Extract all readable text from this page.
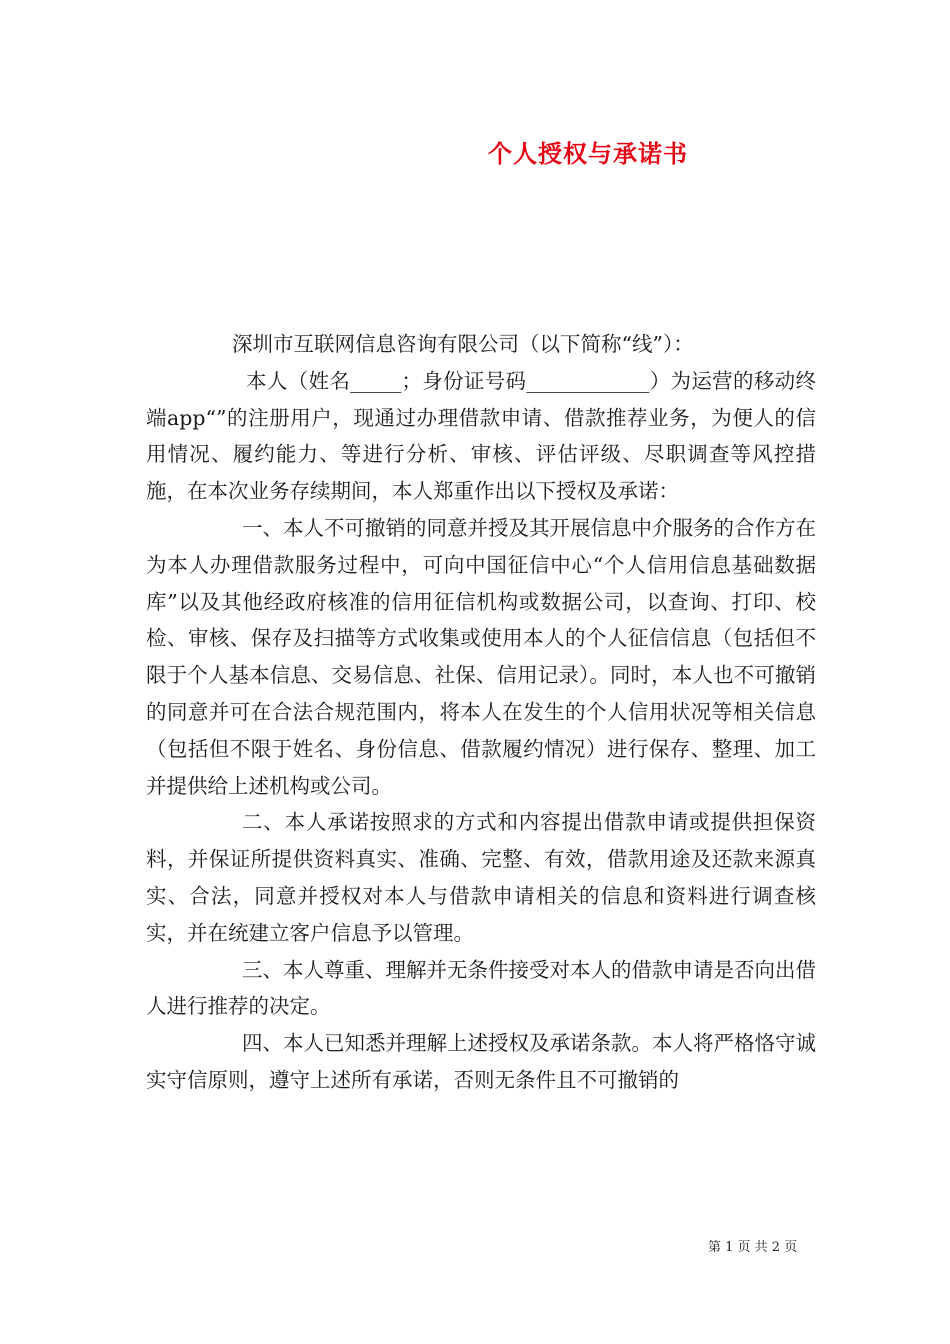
个人授权与承诺书

深圳市互联网信息咨询有限公司（以下简称“线”）：

本人（姓名_____；身份证号码____________）为运营的移动终端app“”的注册用户，现通过办理借款申请、借款推荐业务，为便人的信用情况、履约能力、等进行分析、审核、评估评级、尽职调查等风控措施，在本次业务存续期间，本人郑重作出以下授权及承诺：

一、本人不可撤销的同意并授及其开展信息中介服务的合作方在为本人办理借款服务过程中，可向中国征信中心“个人信用信息基础数据库”以及其他经政府核准的信用征信机构或数据公司，以查询、打印、校检、审核、保存及扫描等方式收集或使用本人的个人征信信息（包括但不限于个人基本信息、交易信息、社保、信用记录）。同时，本人也不可撤销的同意并可在合法合规范围内，将本人在发生的个人信用状况等相关信息（包括但不限于姓名、身份信息、借款履约情况）进行保存、整理、加工并提供给上述机构或公司。

二、本人承诺按照求的方式和内容提出借款申请或提供担保资料，并保证所提供资料真实、准确、完整、有效，借款用途及还款来源真实、合法，同意并授权对本人与借款申请相关的信息和资料进行调查核实，并在统建立客户信息予以管理。

三、本人尊重、理解并无条件接受对本人的借款申请是否向出借人进行推荐的决定。

四、本人已知悉并理解上述授权及承诺条款。本人将严格恪守诚实守信原则，遵守上述所有承诺，否则无条件且不可撤销的

第 1 页 共 2 页
